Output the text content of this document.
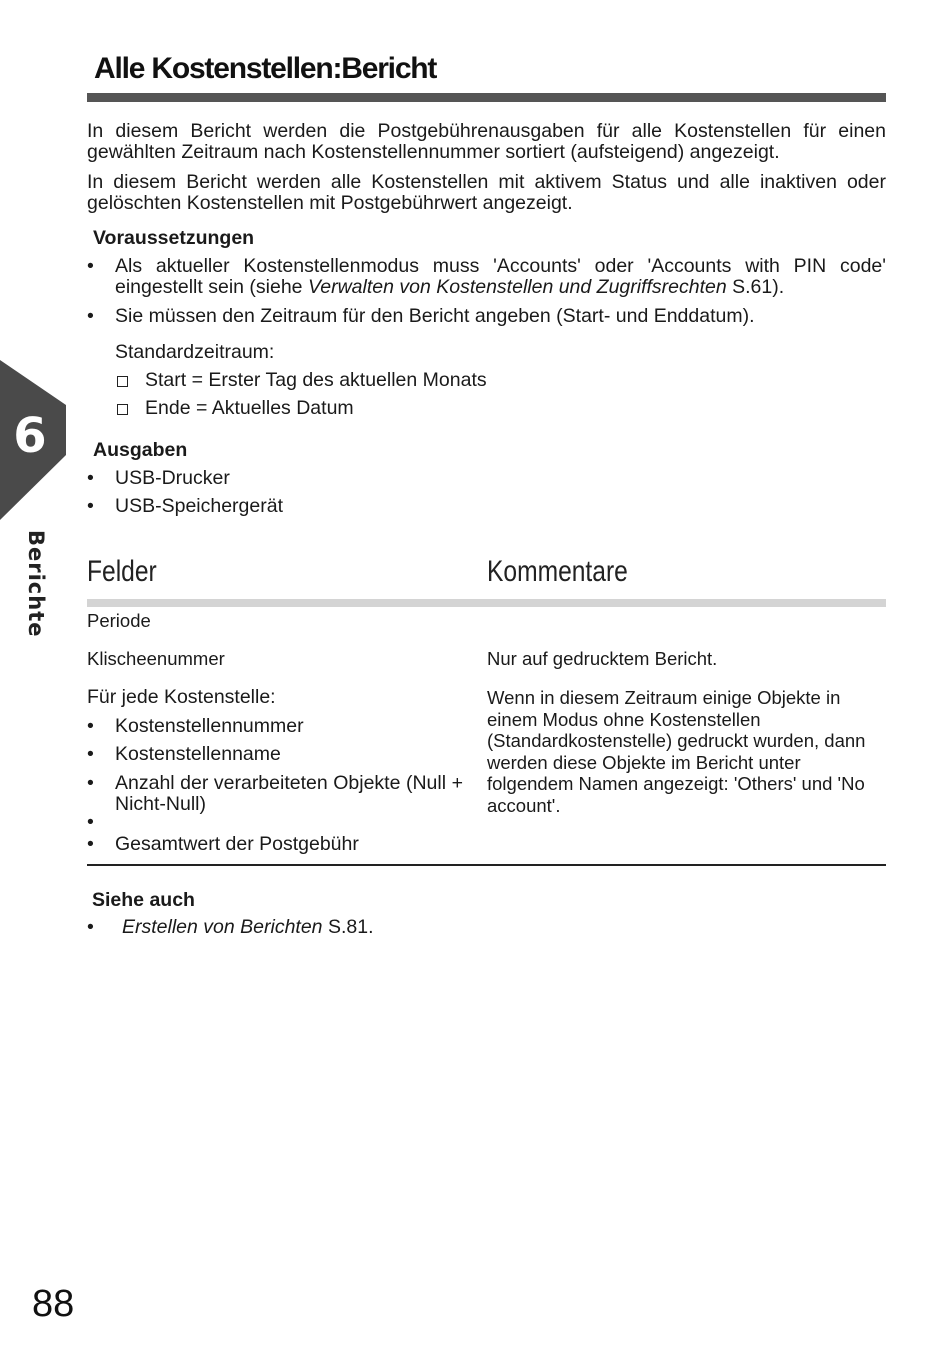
6
Berichte
Alle Kostenstellen:Bericht
In diesem Bericht werden die Postgebührenausgaben für alle Kostenstellen für einen gewählten Zeitraum nach Kostenstellennummer sortiert (aufsteigend) angezeigt.
In diesem Bericht werden alle Kostenstellen mit aktivem Status und alle inaktiven oder gelöschten Kostenstellen mit Postgebührwert angezeigt.
Voraussetzungen
• Als aktueller Kostenstellenmodus muss 'Accounts' oder 'Accounts with PIN code' eingestellt sein (siehe Verwalten von Kostenstellen und Zugriffsrechten S.61).
• Sie müssen den Zeitraum für den Bericht angeben (Start- und Enddatum).
Standardzeitraum:
Start = Erster Tag des aktuellen Monats
Ende = Aktuelles Datum
Ausgaben
• USB-Drucker
• USB-Speichergerät
Felder	Kommentare
Periode
Klischeenummer	Nur auf gedrucktem Bericht.
Für jede Kostenstelle:
• Kostenstellennummer
• Kostenstellenname
• Anzahl der verarbeiteten Objekte (Null + Nicht-Null)
•
• Gesamtwert der Postgebühr
Wenn in diesem Zeitraum einige Objekte in einem Modus ohne Kostenstellen (Standardkostenstelle) gedruckt wurden, dann werden diese Objekte im Bericht unter folgendem Namen angezeigt: 'Others' und 'No account'.
Siehe auch
• Erstellen von Berichten S.81.
88
